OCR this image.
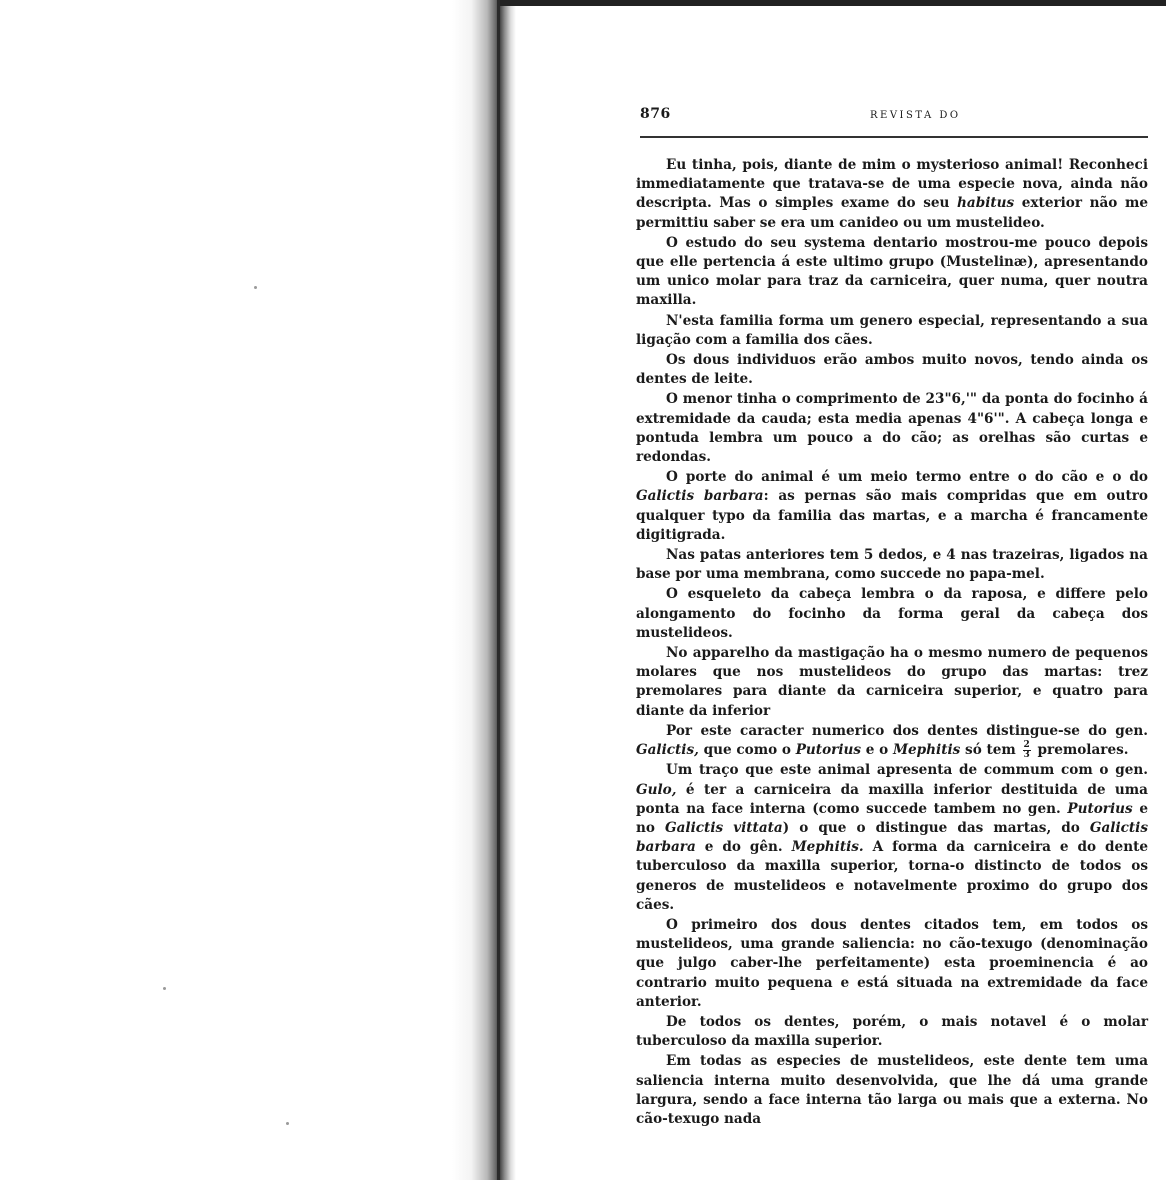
876	REVISTA DO

Eu tinha, pois, diante de mim o mysterioso animal! Reconheci immediatamente que tratava-se de uma especie nova, ainda não descripta. Mas o simples exame do seu habitus exterior não me permittiu saber se era um canideo ou um mustelideo.

O estudo do seu systema dentario mostrou-me pouco depois que elle pertencia á este ultimo grupo (Mustelinæ), apresentando um unico molar para traz da carniceira, quer numa, quer noutra maxilla.

N'esta familia forma um genero especial, representando a sua ligação com a familia dos cães.

Os dous individuos erão ambos muito novos, tendo ainda os dentes de leite.

O menor tinha o comprimento de 23"6,'" da ponta do focinho á extremidade da cauda; esta media apenas 4"6'". A cabeça longa e pontuda lembra um pouco a do cão; as orelhas são curtas e redondas.

O porte do animal é um meio termo entre o do cão e o do Galictis barbara: as pernas são mais compridas que em outro qualquer typo da familia das martas, e a marcha é francamente digitigrada.

Nas patas anteriores tem 5 dedos, e 4 nas trazeiras, ligados na base por uma membrana, como succede no papa-mel.

O esqueleto da cabeça lembra o da raposa, e differe pelo alongamento do focinho da forma geral da cabeça dos mustelideos.

No apparelho da mastigação ha o mesmo numero de pequenos molares que nos mustelideos do grupo das martas: trez premolares para diante da carniceira superior, e quatro para diante da inferior

Por este caracter numerico dos dentes distingue-se do gen. Galictis, que como o Putorius e o Mephitis só tem $\frac{2}{3}$ premolares.

Um traço que este animal apresenta de commum com o gen. Gulo, é ter a carniceira da maxilla inferior destituida de uma ponta na face interna (como succede tambem no gen. Putorius e no Galictis vittata) o que o distingue das martas, do Galictis barbara e do gên. Mephitis. A forma da carniceira e do dente tuberculoso da maxilla superior, torna-o distincto de todos os generos de mustelideos e notavelmente proximo do grupo dos cães.

O primeiro dos dous dentes citados tem, em todos os mustelideos, uma grande saliencia: no cão-texugo (denominação que julgo caber-lhe perfeitamente) esta proeminencia é ao contrario muito pequena e está situada na extremidade da face anterior.

De todos os dentes, porém, o mais notavel é o molar tuberculoso da maxilla superior.

Em todas as especies de mustelideos, este dente tem uma saliencia interna muito desenvolvida, que lhe dá uma grande largura, sendo a face interna tão larga ou mais que a externa. No cão-texugo nada
